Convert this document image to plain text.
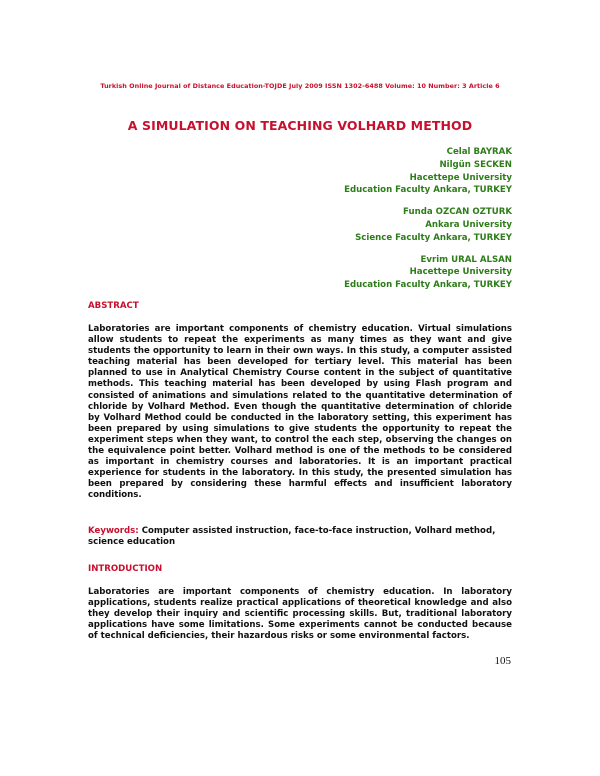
Turkish Online Journal of Distance Education-TOJDE July 2009 ISSN 1302-6488 Volume: 10 Number: 3 Article 6
A SIMULATION ON TEACHING VOLHARD METHOD
Celal BAYRAK
Nilgün SECKEN
Hacettepe University
Education Faculty Ankara, TURKEY
Funda OZCAN OZTURK
Ankara University
Science Faculty Ankara, TURKEY
Evrim URAL ALSAN
Hacettepe University
Education Faculty Ankara, TURKEY
ABSTRACT
Laboratories are important components of chemistry education. Virtual simulations allow students to repeat the experiments as many times as they want and give students the opportunity to learn in their own ways. In this study, a computer assisted teaching material has been developed for tertiary level. This material has been planned to use in Analytical Chemistry Course content in the subject of quantitative methods. This teaching material has been developed by using Flash program and consisted of animations and simulations related to the quantitative determination of chloride by Volhard Method. Even though the quantitative determination of chloride by Volhard Method could be conducted in the laboratory setting, this experiment has been prepared by using simulations to give students the opportunity to repeat the experiment steps when they want, to control the each step, observing the changes on the equivalence point better. Volhard method is one of the methods to be considered as important in chemistry courses and laboratories. It is an important practical experience for students in the laboratory. In this study, the presented simulation has been prepared by considering these harmful effects and insufficient laboratory conditions.
Keywords: Computer assisted instruction, face-to-face instruction, Volhard method, science education
INTRODUCTION
Laboratories are important components of chemistry education. In laboratory applications, students realize practical applications of theoretical knowledge and also they develop their inquiry and scientific processing skills. But, traditional laboratory applications have some limitations. Some experiments cannot be conducted because of technical deficiencies, their hazardous risks or some environmental factors.
105
